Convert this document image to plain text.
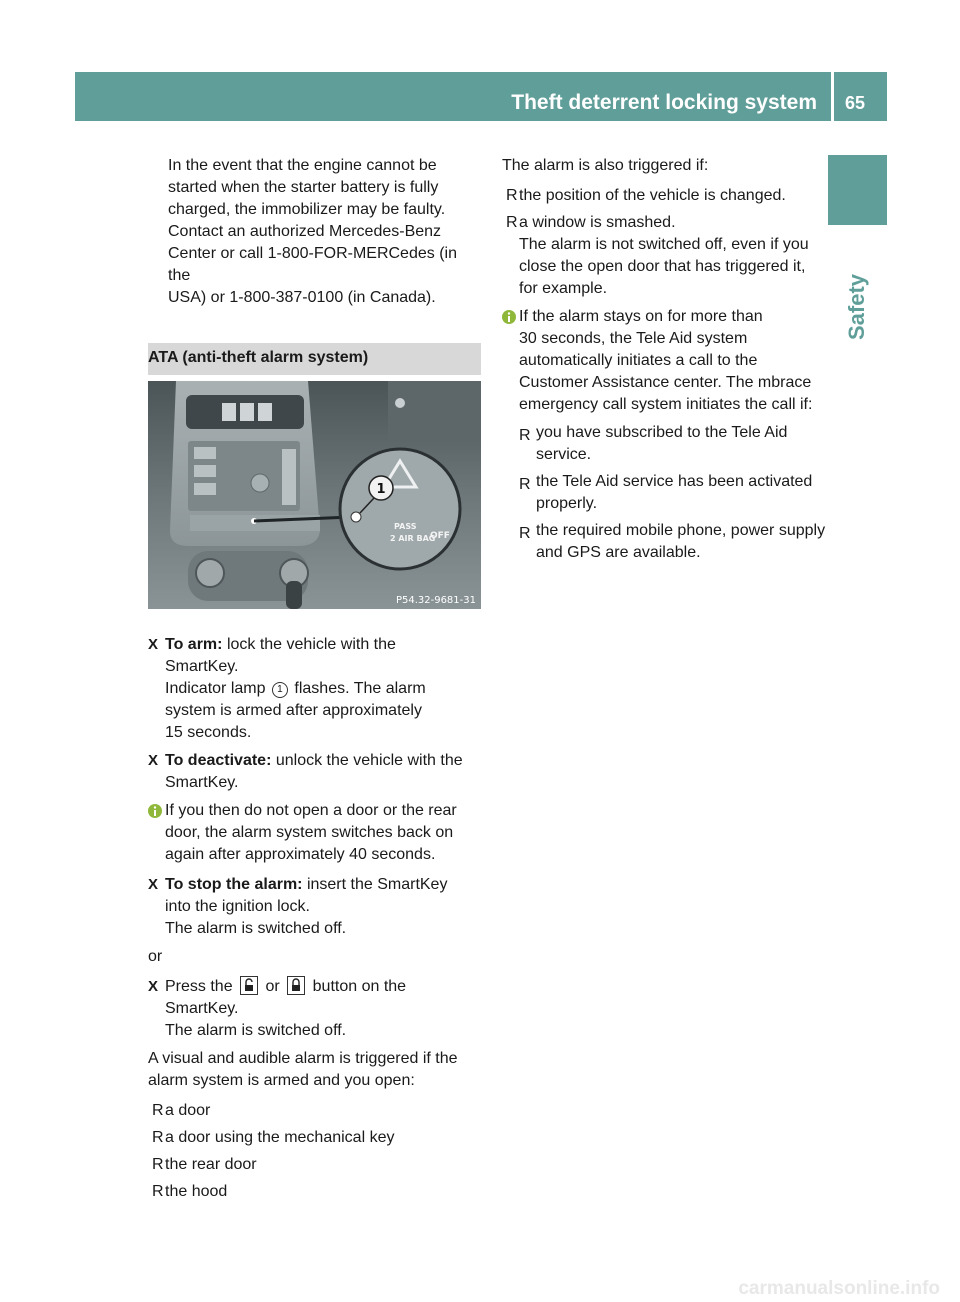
Theft deterrent locking system 65
Safety

In the event that the engine cannot be

started when the starter battery is fully

charged, the immobilizer may be faulty.

Contact an authorized Mercedes-Benz

Center or call 1-800-FOR-MERCedes (in the

USA) or 1-800-387-0100 (in Canada).

ATA (anti-theft alarm system)
1
PASS
2 AIR BAG
OFF
P54.32-9681-31
X To arm: lock the vehicle with the

SmartKey.

Indicator lamp 1 flashes. The alarm

system is armed after approximately

15 seconds.

X To deactivate: unlock the vehicle with the

SmartKey.

If you then do not open a door or the rear

door, the alarm system switches back on

again after approximately 40 seconds.

X To stop the alarm: insert the SmartKey

into the ignition lock.

The alarm is switched off.

or

X Press the or button on the

SmartKey.

The alarm is switched off.

A visual and audible alarm is triggered if the

alarm system is armed and you open:

R a door

R a door using the mechanical key

R the rear door

R the hood

The alarm is also triggered if:

R the position of the vehicle is changed.

R a window is smashed.

The alarm is not switched off, even if you

close the open door that has triggered it,

for example.

If the alarm stays on for more than

30 seconds, the Tele Aid system

automatically initiates a call to the

Customer Assistance center. The mbrace

emergency call system initiates the call if:

R you have subscribed to the Tele Aid

service.

R the Tele Aid service has been activated

properly.

R the required mobile phone, power supply

and GPS are available.

carmanualsonline.info
